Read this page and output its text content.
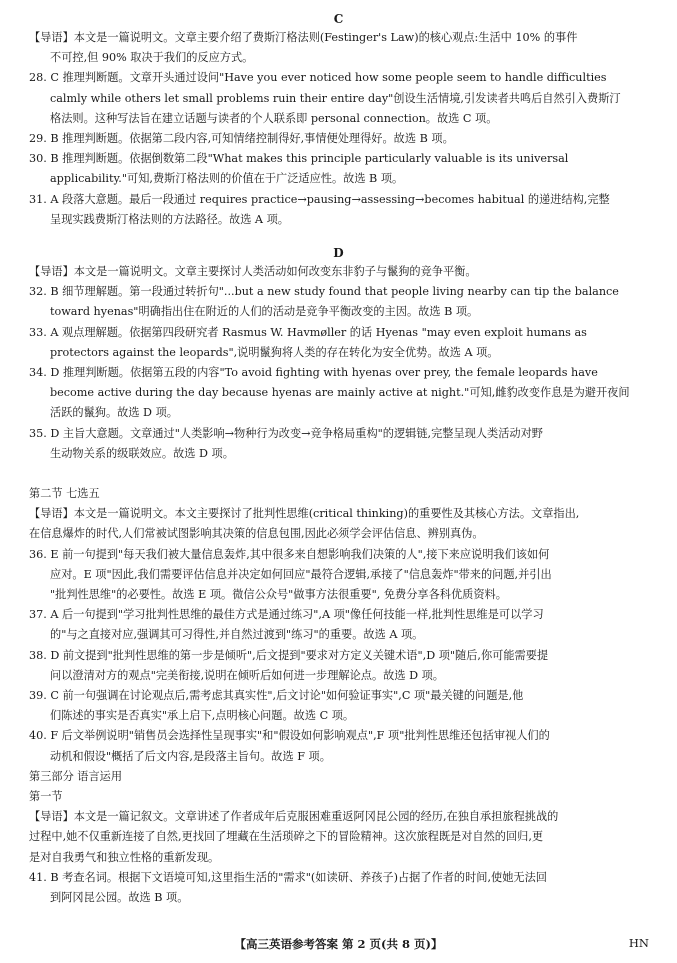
C
【导语】本文是一篇说明文。文章主要介绍了费斯汀格法则(Festinger's Law)的核心观点:生活中 10% 的事件
不可控,但 90% 取决于我们的反应方式。
28. C 推理判断题。文章开头通过设问"Have you ever noticed how some people seem to handle difficulties
calmly while others let small problems ruin their entire day"创设生活情境,引发读者共鸣后自然引入费斯汀
格法则。这种写法旨在建立话题与读者的个人联系即 personal connection。故选 C 项。
29. B 推理判断题。依据第二段内容,可知情绪控制得好,事情便处理得好。故选 B 项。
30. B 推理判断题。依据倒数第二段"What makes this principle particularly valuable is its universal
applicability."可知,费斯汀格法则的价值在于广泛适应性。故选 B 项。
31. A 段落大意题。最后一段通过 requires practice→pausing→assessing→becomes habitual 的递进结构,完整
呈现实践费斯汀格法则的方法路径。故选 A 项。
D
【导语】本文是一篇说明文。文章主要探讨人类活动如何改变东非豹子与鬣狗的竞争平衡。
32. B 细节理解题。第一段通过转折句"...but a new study found that people living nearby can tip the balance
toward hyenas"明确指出住在附近的人们的活动是竞争平衡改变的主因。故选 B 项。
33. A 观点理解题。依据第四段研究者 Rasmus W. Havmøller 的话 Hyenas "may even exploit humans as
protectors against the leopards",说明鬣狗将人类的存在转化为安全优势。故选 A 项。
34. D 推理判断题。依据第五段的内容"To avoid fighting with hyenas over prey, the female leopards have
become active during the day because hyenas are mainly active at night."可知,雌豹改变作息是为避开夜间
活跃的鬣狗。故选 D 项。
35. D 主旨大意题。文章通过"人类影响→物种行为改变→竞争格局重构"的逻辑链,完整呈现人类活动对野
生动物关系的级联效应。故选 D 项。
第二节 七选五
【导语】本文是一篇说明文。本文主要探讨了批判性思维(critical thinking)的重要性及其核心方法。文章指出,
在信息爆炸的时代,人们常被试图影响其决策的信息包围,因此必须学会评估信息、辨别真伪。
36. E 前一句提到"每天我们被大量信息轰炸,其中很多来自想影响我们决策的人",接下来应说明我们该如何
应对。E 项"因此,我们需要评估信息并决定如何回应"最符合逻辑,承接了"信息轰炸"带来的问题,并引出
"批判性思维"的必要性。故选 E 项。微信公众号"做事方法很重要", 免费分享各科优质资料。
37. A 后一句提到"学习批判性思维的最佳方式是通过练习",A 项"像任何技能一样,批判性思维是可以学习
的"与之直接对应,强调其可习得性,并自然过渡到"练习"的重要。故选 A 项。
38. D 前文提到"批判性思维的第一步是倾听",后文提到"要求对方定义关键术语",D 项"随后,你可能需要提
问以澄清对方的观点"完美衔接,说明在倾听后如何进一步理解论点。故选 D 项。
39. C 前一句强调在讨论观点后,需考虑其真实性",后文讨论"如何验证事实",C 项"最关键的问题是,他
们陈述的事实是否真实"承上启下,点明核心问题。故选 C 项。
40. F 后文举例说明"销售员会选择性呈现事实"和"假设如何影响观点",F 项"批判性思维还包括审视人们的
动机和假设"概括了后文内容,是段落主旨句。故选 F 项。
第三部分 语言运用
第一节
【导语】本文是一篇记叙文。文章讲述了作者成年后克服困难重返阿冈昆公园的经历,在独自承担旅程挑战的
过程中,她不仅重新连接了自然,更找回了埋藏在生活琐碎之下的冒险精神。这次旅程既是对自然的回归,更
是对自我勇气和独立性格的重新发现。
41. B 考查名词。根据下文语境可知,这里指生活的"需求"(如读研、养孩子)占据了作者的时间,使她无法回
到阿冈昆公园。故选 B 项。
【高三英语参考答案 第 2 页(共 8 页)】	HN
